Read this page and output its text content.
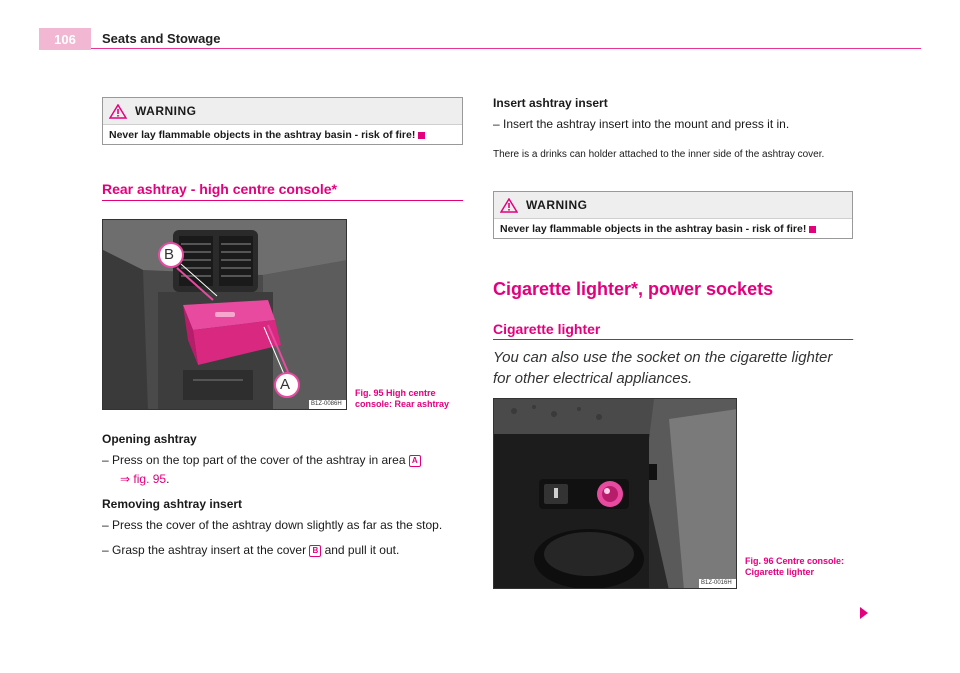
106	Seats and Stowage
WARNING
Never lay flammable objects in the ashtray basin - risk of fire!
Rear ashtray - high centre console*
B
A
B1Z-0086H
Fig. 95 High centre console: Rear ashtray
Opening ashtray
– Press on the top part of the cover of the ashtray in area A
⇒ fig. 95.
Removing ashtray insert
– Press the cover of the ashtray down slightly as far as the stop.
– Grasp the ashtray insert at the cover B and pull it out.
Insert ashtray insert
– Insert the ashtray insert into the mount and press it in.
There is a drinks can holder attached to the inner side of the ashtray cover.
WARNING
Never lay flammable objects in the ashtray basin - risk of fire!
Cigarette lighter*, power sockets
Cigarette lighter
You can also use the socket on the cigarette lighter for other electrical appliances.
B1Z-0016H
Fig. 96 Centre console: Cigarette lighter
